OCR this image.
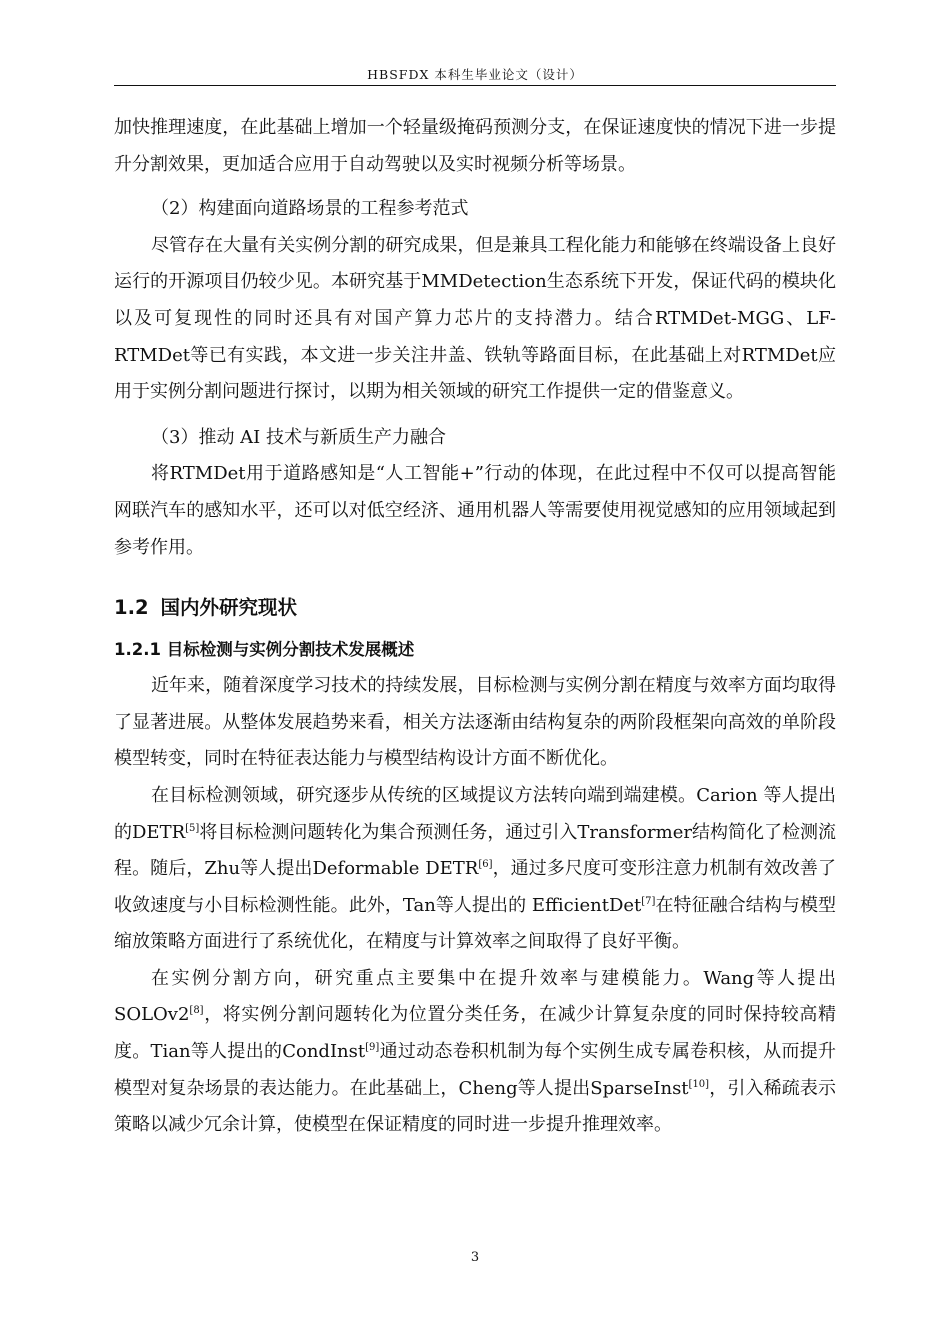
HBSFDX 本科生毕业论文（设计）

加快推理速度，在此基础上增加一个轻量级掩码预测分支，在保证速度快的情况下进一步提升分割效果，更加适合应用于自动驾驶以及实时视频分析等场景。

（2）构建面向道路场景的工程参考范式

尽管存在大量有关实例分割的研究成果，但是兼具工程化能力和能够在终端设备上良好运行的开源项目仍较少见。本研究基于MMDetection生态系统下开发，保证代码的模块化以及可复现性的同时还具有对国产算力芯片的支持潜力。结合RTMDet-MGG、LF-RTMDet等已有实践，本文进一步关注井盖、铁轨等路面目标，在此基础上对RTMDet应用于实例分割问题进行探讨，以期为相关领域的研究工作提供一定的借鉴意义。

（3）推动 AI 技术与新质生产力融合

将RTMDet用于道路感知是“人工智能+”行动的体现，在此过程中不仅可以提高智能网联汽车的感知水平，还可以对低空经济、通用机器人等需要使用视觉感知的应用领域起到参考作用。

1.2 国内外研究现状
1.2.1 目标检测与实例分割技术发展概述

近年来，随着深度学习技术的持续发展，目标检测与实例分割在精度与效率方面均取得了显著进展。从整体发展趋势来看，相关方法逐渐由结构复杂的两阶段框架向高效的单阶段模型转变，同时在特征表达能力与模型结构设计方面不断优化。

在目标检测领域，研究逐步从传统的区域提议方法转向端到端建模。Carion 等人提出的DETR[5]将目标检测问题转化为集合预测任务，通过引入Transformer结构简化了检测流程。随后，Zhu等人提出Deformable DETR[6]，通过多尺度可变形注意力机制有效改善了收敛速度与小目标检测性能。此外，Tan等人提出的 EfficientDet[7]在特征融合结构与模型缩放策略方面进行了系统优化，在精度与计算效率之间取得了良好平衡。

在实例分割方向，研究重点主要集中在提升效率与建模能力。Wang等人提出SOLOv2[8]，将实例分割问题转化为位置分类任务，在减少计算复杂度的同时保持较高精度。Tian等人提出的CondInst[9]通过动态卷积机制为每个实例生成专属卷积核，从而提升模型对复杂场景的表达能力。在此基础上，Cheng等人提出SparseInst[10]，引入稀疏表示策略以减少冗余计算，使模型在保证精度的同时进一步提升推理效率。

3
